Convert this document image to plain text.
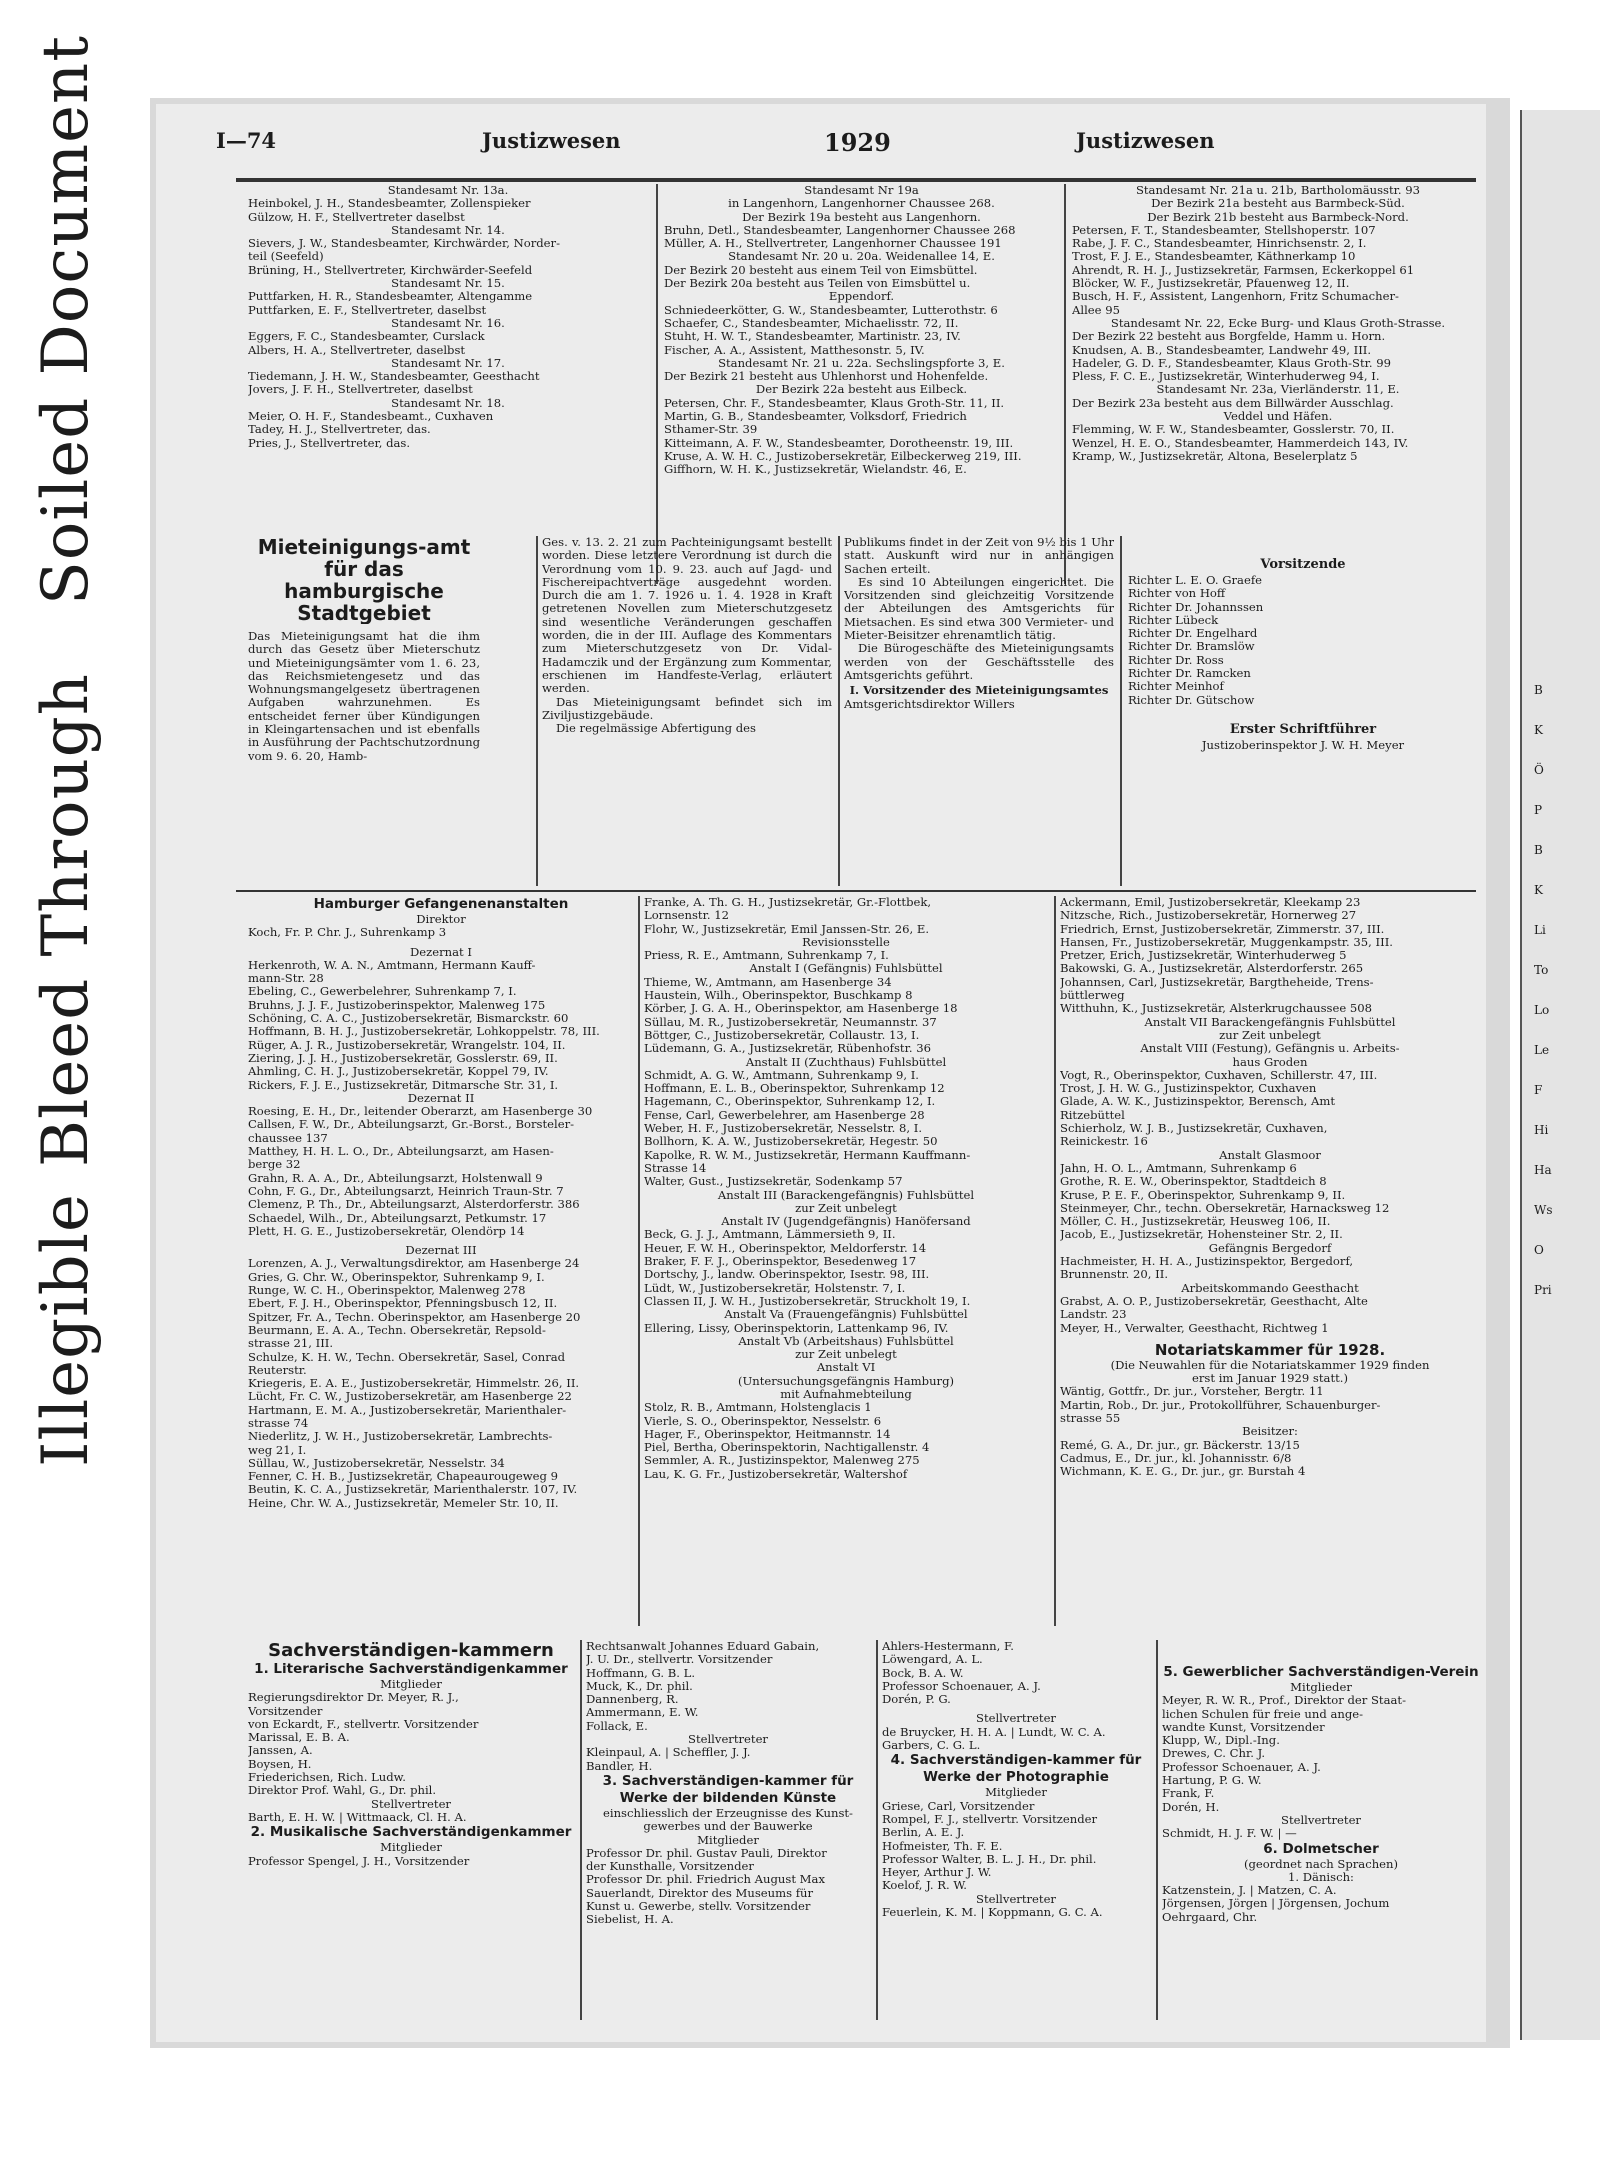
Illegible
Bleed Through
Soiled Document	I—74	Justizwesen	1929	Justizwesen
Standesamt Nr. 13a.
Heinbokel, J. H., Standesbeamter, Zollenspieker
Gülzow, H. F., Stellvertreter daselbst
Standesamt Nr. 14.
Sievers, J. W., Standesbeamter, Kirchwärder, Norder-
teil (Seefeld)
Brüning, H., Stellvertreter, Kirchwärder-Seefeld
Standesamt Nr. 15.
Puttfarken, H. R., Standesbeamter, Altengamme
Puttfarken, E. F., Stellvertreter, daselbst
Standesamt Nr. 16.
Eggers, F. C., Standesbeamter, Curslack
Albers, H. A., Stellvertreter, daselbst
Standesamt Nr. 17.
Tiedemann, J. H. W., Standesbeamter, Geesthacht
Jovers, J. F. H., Stellvertreter, daselbst
Standesamt Nr. 18.
Meier, O. H. F., Standesbeamt., Cuxhaven
Tadey, H. J., Stellvertreter, das.
Pries, J., Stellvertreter, das.
Standesamt Nr 19a
in Langenhorn, Langenhorner Chaussee 268.
Der Bezirk 19a besteht aus Langenhorn.
Bruhn, Detl., Standesbeamter, Langenhorner Chaussee 268
Müller, A. H., Stellvertreter, Langenhorner Chaussee 191
Standesamt Nr. 20 u. 20a. Weidenallee 14, E.
Der Bezirk 20 besteht aus einem Teil von Eimsbüttel.
Der Bezirk 20a besteht aus Teilen von Eimsbüttel u.
Eppendorf.
Schniedeerkötter, G. W., Standesbeamter, Lutterothstr. 6
Schaefer, C., Standesbeamter, Michaelisstr. 72, II.
Stuht, H. W. T., Standesbeamter, Martinistr. 23, IV.
Fischer, A. A., Assistent, Matthesonstr. 5, IV.
Standesamt Nr. 21 u. 22a. Sechslingspforte 3, E.
Der Bezirk 21 besteht aus Uhlenhorst und Hohenfelde.
Der Bezirk 22a besteht aus Eilbeck.
Petersen, Chr. F., Standesbeamter, Klaus Groth-Str. 11, II.
Martin, G. B., Standesbeamter, Volksdorf, Friedrich
Sthamer-Str. 39
Kitteimann, A. F. W., Standesbeamter, Dorotheenstr. 19, III.
Kruse, A. W. H. C., Justizobersekretär, Eilbeckerweg 219, III.
Giffhorn, W. H. K., Justizsekretär, Wielandstr. 46, E.
Standesamt Nr. 21a u. 21b, Bartholomäusstr. 93
Der Bezirk 21a besteht aus Barmbeck-Süd.
Der Bezirk 21b besteht aus Barmbeck-Nord.
Petersen, F. T., Standesbeamter, Stellshoperstr. 107
Rabe, J. F. C., Standesbeamter, Hinrichsenstr. 2, I.
Trost, F. J. E., Standesbeamter, Käthnerkamp 10
Ahrendt, R. H. J., Justizsekretär, Farmsen, Eckerkoppel 61
Blöcker, W. F., Justizsekretär, Pfauenweg 12, II.
Busch, H. F., Assistent, Langenhorn, Fritz Schumacher-
Allee 95
Standesamt Nr. 22, Ecke Burg- und Klaus Groth-Strasse.
Der Bezirk 22 besteht aus Borgfelde, Hamm u. Horn.
Knudsen, A. B., Standesbeamter, Landwehr 49, III.
Hadeler, G. D. F., Standesbeamter, Klaus Groth-Str. 99
Pless, F. C. E., Justizsekretär, Winterhuderweg 94, I.
Standesamt Nr. 23a, Vierländerstr. 11, E.
Der Bezirk 23a besteht aus dem Billwärder Ausschlag.
Veddel und Häfen.
Flemming, W. F. W., Standesbeamter, Gosslerstr. 70, II.
Wenzel, H. E. O., Standesbeamter, Hammerdeich 143, IV.
Kramp, W., Justizsekretär, Altona, Beselerplatz 5
Mieteinigungs-amt für das hamburgische Stadtgebiet
Das Mieteinigungsamt hat die ihm durch das Gesetz über Mieterschutz und Mieteinigungsämter vom 1. 6. 23, das Reichsmietengesetz und das Wohnungsmangelgesetz übertragenen Aufgaben wahrzunehmen. Es entscheidet ferner über Kündigungen in Kleingartensachen und ist ebenfalls in Ausführung der Pachtschutzordnung vom 9. 6. 20, Hamb-
Ges. v. 13. 2. 21 zum Pachteinigungsamt bestellt worden. Diese letztere Verordnung ist durch die Verordnung vom 10. 9. 23. auch auf Jagd- und Fischereipachtverträge ausgedehnt worden. Durch die am 1. 7. 1926 u. 1. 4. 1928 in Kraft getretenen Novellen zum Mieterschutzgesetz sind wesentliche Veränderungen geschaffen worden, die in der III. Auflage des Kommentars zum Mieterschutzgesetz von Dr. Vidal-Hadamczik und der Ergänzung zum Kommentar, erschienen im Handfeste-Verlag, erläutert werden.
Das Mieteinigungsamt befindet sich im Ziviljustizgebäude.
Die regelmässige Abfertigung des
Publikums findet in der Zeit von 9½ bis 1 Uhr statt. Auskunft wird nur in anhängigen Sachen erteilt.
Es sind 10 Abteilungen eingerichtet. Die Vorsitzenden sind gleichzeitig Vorsitzende der Abteilungen des Amtsgerichts für Mietsachen. Es sind etwa 300 Vermieter- und Mieter-Beisitzer ehrenamtlich tätig.
Die Bürogeschäfte des Mieteinigungsamts werden von der Geschäftsstelle des Amtsgerichts geführt.
I. Vorsitzender des Mieteinigungsamtes
Amtsgerichtsdirektor Willers
Vorsitzende
Richter L. E. O. Graefe
Richter von Hoff
Richter Dr. Johannssen
Richter Lübeck
Richter Dr. Engelhard
Richter Dr. Bramslöw
Richter Dr. Ross
Richter Dr. Ramcken
Richter Meinhof
Richter Dr. Gütschow
Erster Schriftführer
Justizoberinspektor J. W. H. Meyer
Hamburger Gefangenenanstalten
Direktor
Koch, Fr. P. Chr. J., Suhrenkamp 3
Dezernat I
Herkenroth, W. A. N., Amtmann, Hermann Kauff-
mann-Str. 28
Ebeling, C., Gewerbelehrer, Suhrenkamp 7, I.
Bruhns, J. J. F., Justizoberinspektor, Malenweg 175
Schöning, C. A. C., Justizobersekretär, Bismarckstr. 60
Hoffmann, B. H. J., Justizobersekretär, Lohkoppelstr. 78, III.
Rüger, A. J. R., Justizobersekretär, Wrangelstr. 104, II.
Ziering, J. J. H., Justizobersekretär, Gosslerstr. 69, II.
Ahmling, C. H. J., Justizobersekretär, Koppel 79, IV.
Rickers, F. J. E., Justizsekretär, Ditmarsche Str. 31, I.
Dezernat II
Roesing, E. H., Dr., leitender Oberarzt, am Hasenberge 30
Callsen, F. W., Dr., Abteilungsarzt, Gr.-Borst., Borsteler-
chaussee 137
Matthey, H. H. L. O., Dr., Abteilungsarzt, am Hasen-
berge 32
Grahn, R. A. A., Dr., Abteilungsarzt, Holstenwall 9
Cohn, F. G., Dr., Abteilungsarzt, Heinrich Traun-Str. 7
Clemenz, P. Th., Dr., Abteilungsarzt, Alsterdorferstr. 386
Schaedel, Wilh., Dr., Abteilungsarzt, Petkumstr. 17
Plett, H. G. E., Justizobersekretär, Olendörp 14
Dezernat III
Lorenzen, A. J., Verwaltungsdirektor, am Hasenberge 24
Gries, G. Chr. W., Oberinspektor, Suhrenkamp 9, I.
Runge, W. C. H., Oberinspektor, Malenweg 278
Ebert, F. J. H., Oberinspektor, Pfenningsbusch 12, II.
Spitzer, Fr. A., Techn. Oberinspektor, am Hasenberge 20
Beurmann, E. A. A., Techn. Obersekretär, Repsold-
strasse 21, III.
Schulze, K. H. W., Techn. Obersekretär, Sasel, Conrad
Reuterstr.
Kriegeris, E. A. E., Justizobersekretär, Himmelstr. 26, II.
Lücht, Fr. C. W., Justizobersekretär, am Hasenberge 22
Hartmann, E. M. A., Justizobersekretär, Marienthaler-
strasse 74
Niederlitz, J. W. H., Justizobersekretär, Lambrechts-
weg 21, I.
Süllau, W., Justizobersekretär, Nesselstr. 34
Fenner, C. H. B., Justizsekretär, Chapeaurougeweg 9
Beutin, K. C. A., Justizsekretär, Marienthalerstr. 107, IV.
Heine, Chr. W. A., Justizsekretär, Memeler Str. 10, II.
Franke, A. Th. G. H., Justizsekretär, Gr.-Flottbek,
Lornsenstr. 12
Flohr, W., Justizsekretär, Emil Janssen-Str. 26, E.
Revisionsstelle
Priess, R. E., Amtmann, Suhrenkamp 7, I.
Anstalt I (Gefängnis) Fuhlsbüttel
Thieme, W., Amtmann, am Hasenberge 34
Haustein, Wilh., Oberinspektor, Buschkamp 8
Körber, J. G. A. H., Oberinspektor, am Hasenberge 18
Süllau, M. R., Justizobersekretär, Neumannstr. 37
Böttger, C., Justizobersekretär, Collaustr. 13, I.
Lüdemann, G. A., Justizsekretär, Rübenhofstr. 36
Anstalt II (Zuchthaus) Fuhlsbüttel
Schmidt, A. G. W., Amtmann, Suhrenkamp 9, I.
Hoffmann, E. L. B., Oberinspektor, Suhrenkamp 12
Hagemann, C., Oberinspektor, Suhrenkamp 12, I.
Fense, Carl, Gewerbelehrer, am Hasenberge 28
Weber, H. F., Justizobersekretär, Nesselstr. 8, I.
Bollhorn, K. A. W., Justizobersekretär, Hegestr. 50
Kapolke, R. W. M., Justizsekretär, Hermann Kauffmann-
Strasse 14
Walter, Gust., Justizsekretär, Sodenkamp 57
Anstalt III (Barackengefängnis) Fuhlsbüttel
zur Zeit unbelegt
Anstalt IV (Jugendgefängnis) Hanöfersand
Beck, G. J. J., Amtmann, Lämmersieth 9, II.
Heuer, F. W. H., Oberinspektor, Meldorferstr. 14
Braker, F. F. J., Oberinspektor, Besedenweg 17
Dortschy, J., landw. Oberinspektor, Isestr. 98, III.
Lüdt, W., Justizobersekretär, Holstenstr. 7, I.
Classen II, J. W. H., Justizobersekretär, Struckholt 19, I.
Anstalt Va (Frauengefängnis) Fuhlsbüttel
Ellering, Lissy, Oberinspektorin, Lattenkamp 96, IV.
Anstalt Vb (Arbeitshaus) Fuhlsbüttel
zur Zeit unbelegt
Anstalt VI
(Untersuchungsgefängnis Hamburg)
mit Aufnahmebteilung
Stolz, R. B., Amtmann, Holstenglacis 1
Vierle, S. O., Oberinspektor, Nesselstr. 6
Hager, F., Oberinspektor, Heitmannstr. 14
Piel, Bertha, Oberinspektorin, Nachtigallenstr. 4
Semmler, A. R., Justizinspektor, Malenweg 275
Lau, K. G. Fr., Justizobersekretär, Waltershof
Ackermann, Emil, Justizobersekretär, Kleekamp 23
Nitzsche, Rich., Justizobersekretär, Hornerweg 27
Friedrich, Ernst, Justizobersekretär, Zimmerstr. 37, III.
Hansen, Fr., Justizobersekretär, Muggenkampstr. 35, III.
Pretzer, Erich, Justizsekretär, Winterhuderweg 5
Bakowski, G. A., Justizsekretär, Alsterdorferstr. 265
Johannsen, Carl, Justizsekretär, Bargtheheide, Trens-
büttlerweg
Witthuhn, K., Justizsekretär, Alsterkrugchaussee 508
Anstalt VII Barackengefängnis Fuhlsbüttel
zur Zeit unbelegt
Anstalt VIII (Festung), Gefängnis u. Arbeits-
haus Groden
Vogt, R., Oberinspektor, Cuxhaven, Schillerstr. 47, III.
Trost, J. H. W. G., Justizinspektor, Cuxhaven
Glade, A. W. K., Justizinspektor, Berensch, Amt
Ritzebüttel
Schierholz, W. J. B., Justizsekretär, Cuxhaven,
Reinickestr. 16
Anstalt Glasmoor
Jahn, H. O. L., Amtmann, Suhrenkamp 6
Grothe, R. E. W., Oberinspektor, Stadtdeich 8
Kruse, P. E. F., Oberinspektor, Suhrenkamp 9, II.
Steinmeyer, Chr., techn. Obersekretär, Harnacksweg 12
Möller, C. H., Justizsekretär, Heusweg 106, II.
Jacob, E., Justizsekretär, Hohensteiner Str. 2, II.
Gefängnis Bergedorf
Hachmeister, H. H. A., Justizinspektor, Bergedorf,
Brunnenstr. 20, II.
Arbeitskommando Geesthacht
Grabst, A. O. P., Justizobersekretär, Geesthacht, Alte
Landstr. 23
Meyer, H., Verwalter, Geesthacht, Richtweg 1
Notariatskammer für 1928.
(Die Neuwahlen für die Notariatskammer 1929 finden
erst im Januar 1929 statt.)
Wäntig, Gottfr., Dr. jur., Vorsteher, Bergtr. 11
Martin, Rob., Dr. jur., Protokollführer, Schauenburger-
strasse 55
Beisitzer:
Remé, G. A., Dr. jur., gr. Bäckerstr. 13/15
Cadmus, E., Dr. jur., kl. Johannisstr. 6/8
Wichmann, K. E. G., Dr. jur., gr. Burstah 4
Sachverständigen-kammern
1. Literarische Sachverständigenkammer
Mitglieder
Regierungsdirektor Dr. Meyer, R. J.,
Vorsitzender
von Eckardt, F., stellvertr. Vorsitzender
Marissal, E. B. A.
Janssen, A.
Boysen, H.
Friederichsen, Rich. Ludw.
Direktor Prof. Wahl, G., Dr. phil.
Stellvertreter
Barth, E. H. W. | Wittmaack, Cl. H. A.
2. Musikalische Sachverständigenkammer
Mitglieder
Professor Spengel, J. H., Vorsitzender
Rechtsanwalt Johannes Eduard Gabain,
J. U. Dr., stellvertr. Vorsitzender
Hoffmann, G. B. L.
Muck, K., Dr. phil.
Dannenberg, R.
Ammermann, E. W.
Follack, E.
Stellvertreter
Kleinpaul, A. | Scheffler, J. J.
Bandler, H.
3. Sachverständigen-kammer für Werke der bildenden Künste
einschliesslich der Erzeugnisse des Kunst-
gewerbes und der Bauwerke
Mitglieder
Professor Dr. phil. Gustav Pauli, Direktor
der Kunsthalle, Vorsitzender
Professor Dr. phil. Friedrich August Max
Sauerlandt, Direktor des Museums für
Kunst u. Gewerbe, stellv. Vorsitzender
Siebelist, H. A.
Ahlers-Hestermann, F.
Löwengard, A. L.
Bock, B. A. W.
Professor Schoenauer, A. J.
Dorén, P. G.
Stellvertreter
de Bruycker, H. H. A. | Lundt, W. C. A.
Garbers, C. G. L.
4. Sachverständigen-kammer für Werke der Photographie
Mitglieder
Griese, Carl, Vorsitzender
Rompel, F. J., stellvertr. Vorsitzender
Berlin, A. E. J.
Hofmeister, Th. F. E.
Professor Walter, B. L. J. H., Dr. phil.
Heyer, Arthur J. W.
Koelof, J. R. W.
Stellvertreter
Feuerlein, K. M. | Koppmann, G. C. A.
5. Gewerblicher Sachverständigen-Verein
Mitglieder
Meyer, R. W. R., Prof., Direktor der Staat-
lichen Schulen für freie und ange-
wandte Kunst, Vorsitzender
Klupp, W., Dipl.-Ing.
Drewes, C. Chr. J.
Professor Schoenauer, A. J.
Hartung, P. G. W.
Frank, F.
Dorén, H.
Stellvertreter
Schmidt, H. J. F. W. | —
6. Dolmetscher
(geordnet nach Sprachen)
1. Dänisch:
Katzenstein, J. | Matzen, C. A.
Jörgensen, Jörgen | Jörgensen, Jochum
Oehrgaard, Chr.
B
K
Ö
P
B
K
Li
To
Lo
Le
F
Hi
Ha
Ws
O
Pri
